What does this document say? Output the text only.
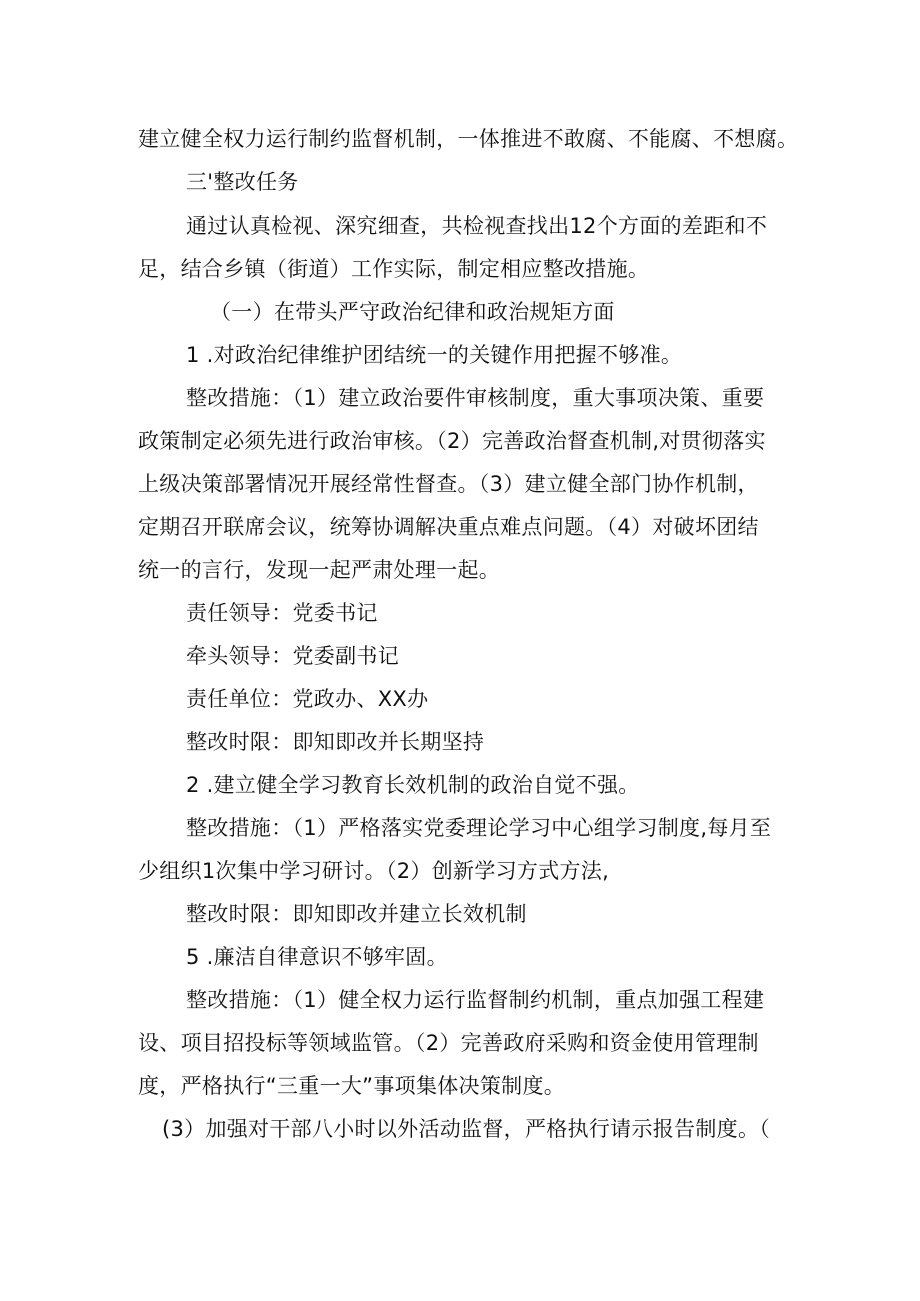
建立健全权力运行制约监督机制，一体推进不敢腐、不能腐、不想腐。
三'整改任务
通过认真检视、深究细查，共检视查找出12个方面的差距和不
足，结合乡镇（街道）工作实际，制定相应整改措施。
（一）在带头严守政治纪律和政治规矩方面
1 .对政治纪律维护团结统一的关键作用把握不够准。
整改措施：（1）建立政治要件审核制度，重大事项决策、重要
政策制定必须先进行政治审核。（2）完善政治督查机制,对贯彻落实
上级决策部署情况开展经常性督查。（3）建立健全部门协作机制，
定期召开联席会议，统筹协调解决重点难点问题。（4）对破坏团结
统一的言行，发现一起严肃处理一起。
责任领导：党委书记
牵头领导：党委副书记
责任单位：党政办、XX办
整改时限：即知即改并长期坚持
2 .建立健全学习教育长效机制的政治自觉不强。
整改措施：（1）严格落实党委理论学习中心组学习制度,每月至
少组织1次集中学习研讨。（2）创新学习方式方法,
整改时限：即知即改并建立长效机制
5 .廉洁自律意识不够牢固。
整改措施：（1）健全权力运行监督制约机制，重点加强工程建
设、项目招投标等领域监管。（2）完善政府采购和资金使用管理制
度，严格执行“三重一大”事项集体决策制度。
(3）加强对干部八小时以外活动监督，严格执行请示报告制度。（
